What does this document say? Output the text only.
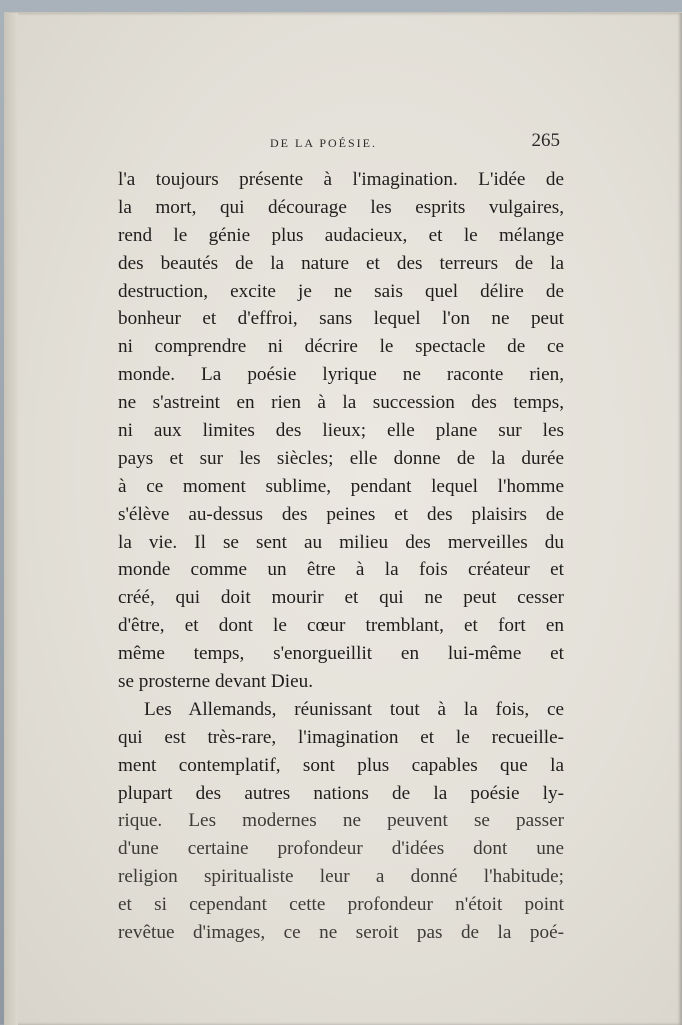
DE LA POÉSIE.	265
l'a toujours présente à l'imagination. L'idée de
la mort, qui décourage les esprits vulgaires,
rend le génie plus audacieux, et le mélange
des beautés de la nature et des terreurs de la
destruction, excite je ne sais quel délire de
bonheur et d'effroi, sans lequel l'on ne peut
ni comprendre ni décrire le spectacle de ce
monde. La poésie lyrique ne raconte rien,
ne s'astreint en rien à la succession des temps,
ni aux limites des lieux; elle plane sur les
pays et sur les siècles; elle donne de la durée
à ce moment sublime, pendant lequel l'homme
s'élève au-dessus des peines et des plaisirs de
la vie. Il se sent au milieu des merveilles du
monde comme un être à la fois créateur et
créé, qui doit mourir et qui ne peut cesser
d'être, et dont le cœur tremblant, et fort en
même temps, s'enorgueillit en lui-même et
se prosterne devant Dieu.
Les Allemands, réunissant tout à la fois, ce
qui est très-rare, l'imagination et le recueille-
ment contemplatif, sont plus capables que la
plupart des autres nations de la poésie ly-
rique. Les modernes ne peuvent se passer
d'une certaine profondeur d'idées dont une
religion spiritualiste leur a donné l'habitude;
et si cependant cette profondeur n'étoit point
revêtue d'images, ce ne seroit pas de la poé-
